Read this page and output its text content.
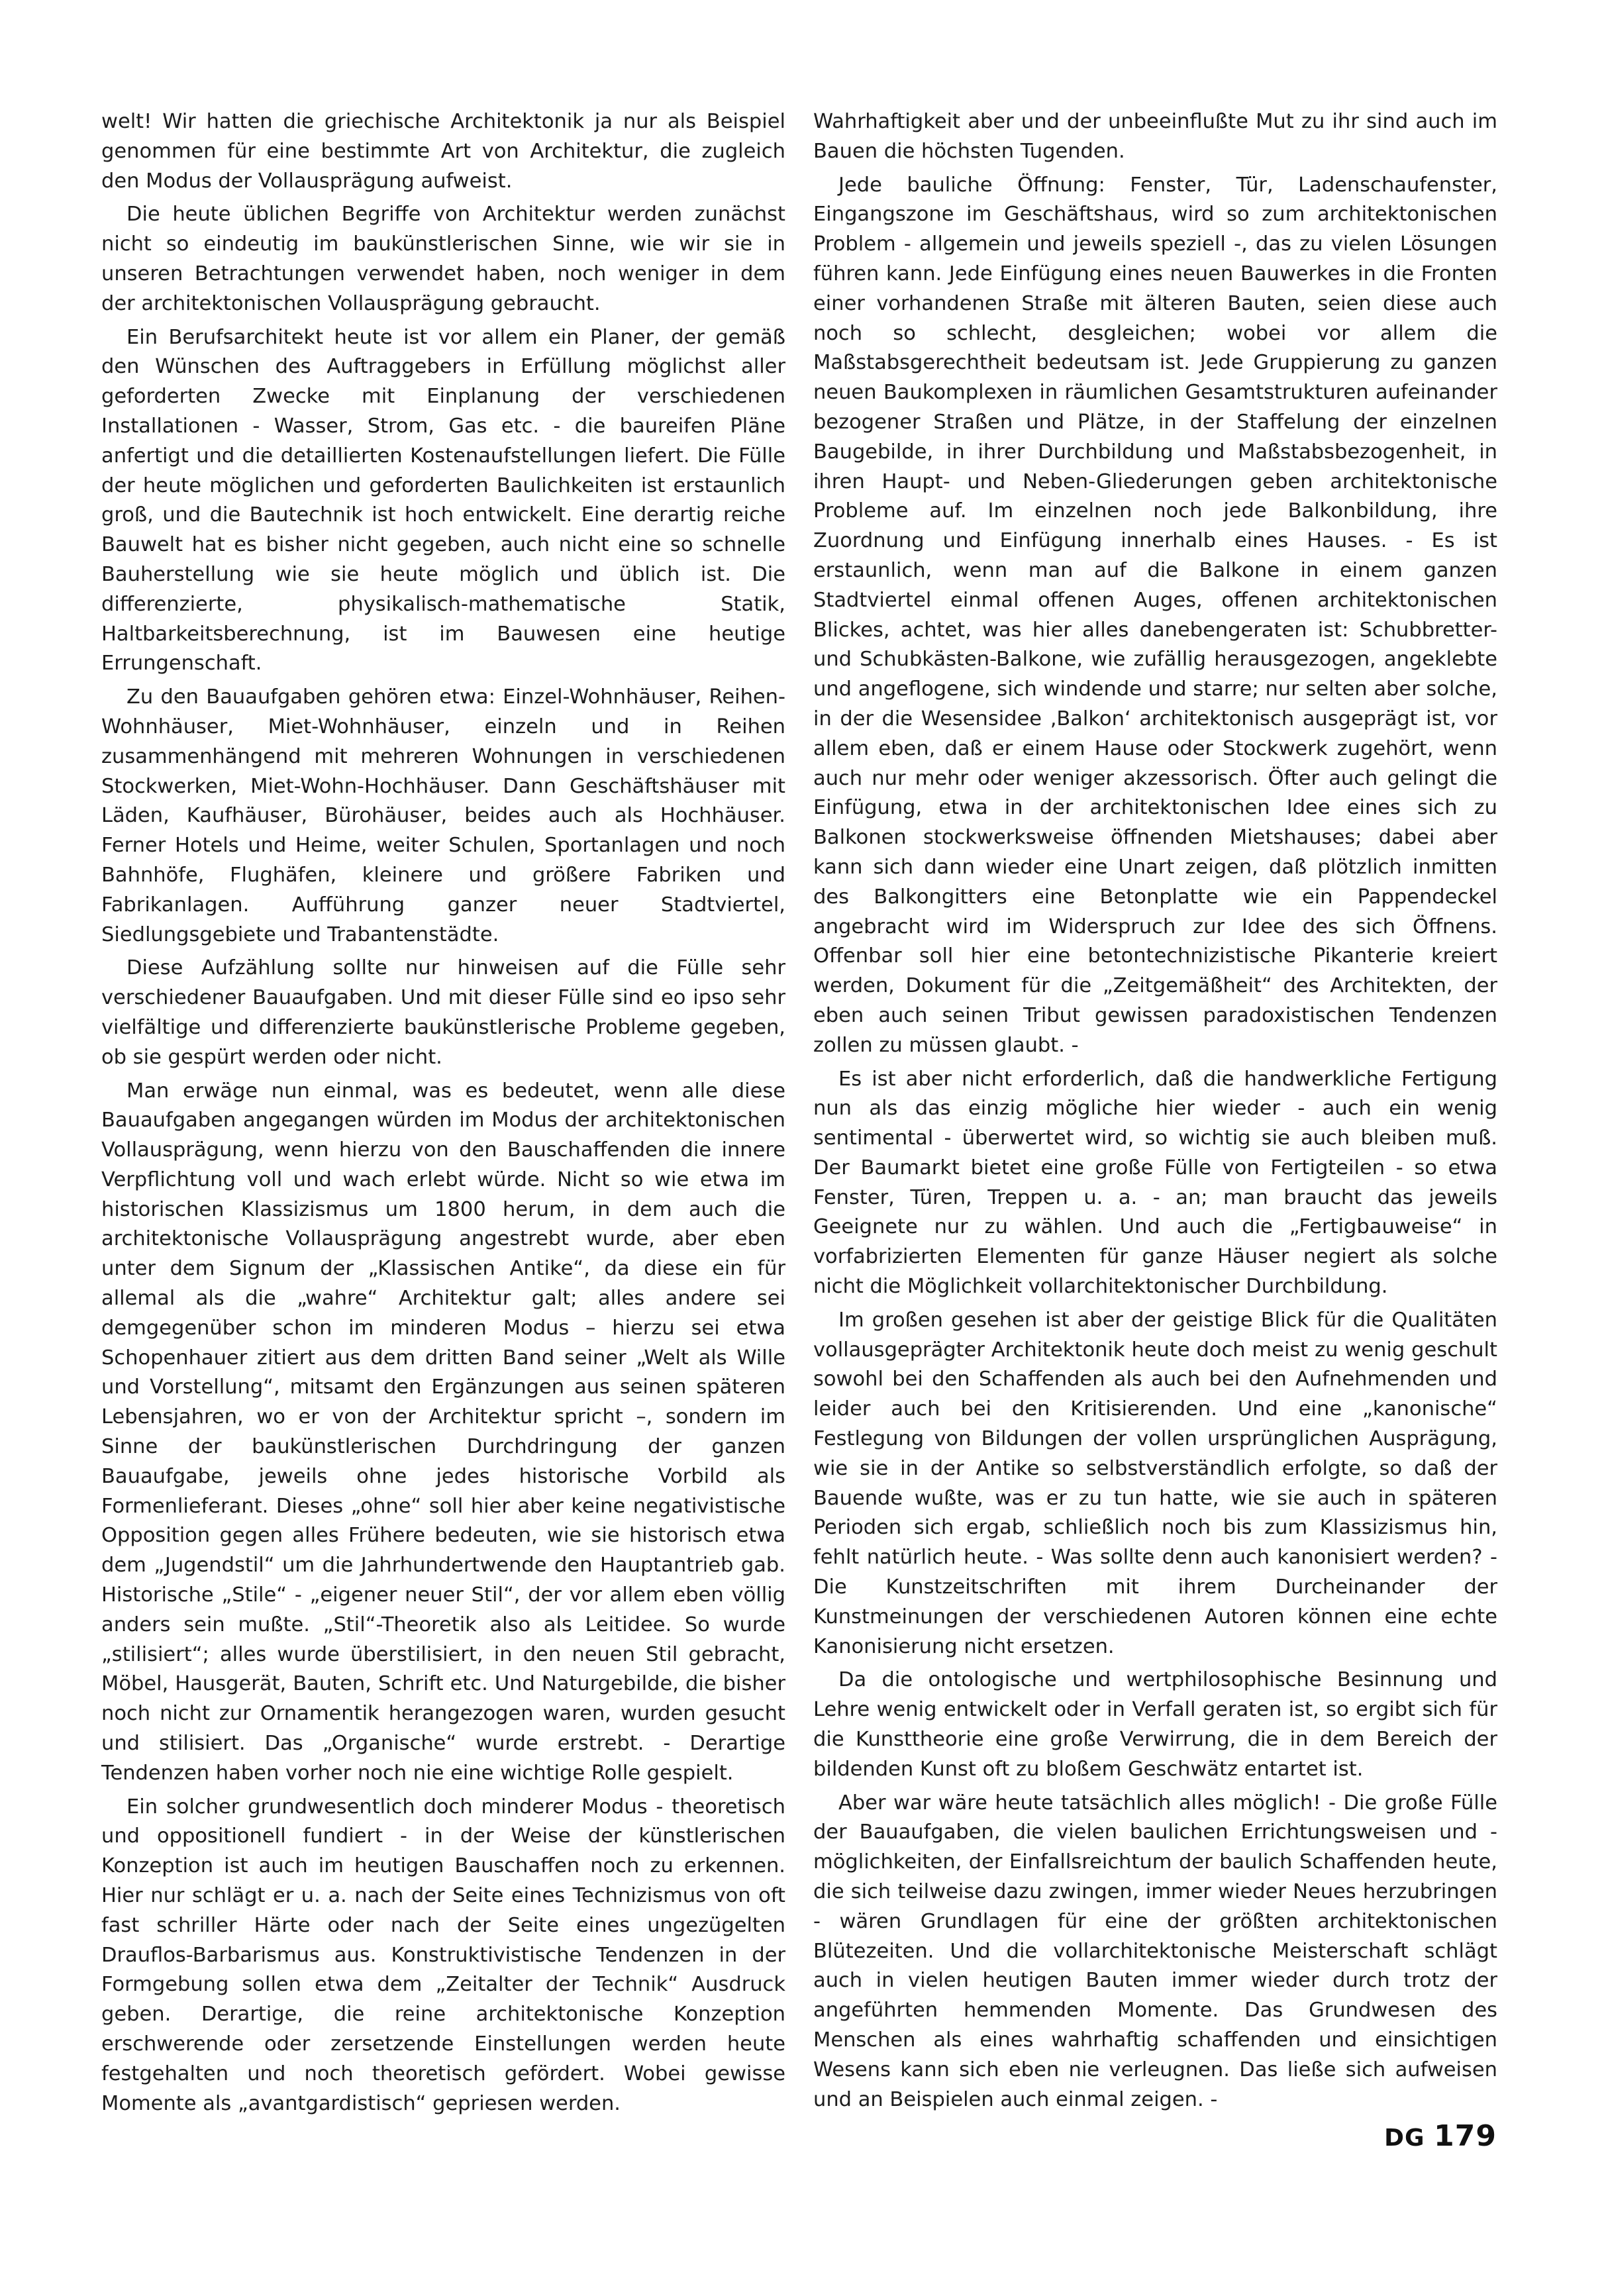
welt! Wir hatten die griechische Architektonik ja nur als Beispiel genommen für eine bestimmte Art von Architektur, die zugleich den Modus der Vollausprägung aufweist.

Die heute üblichen Begriffe von Architektur werden zunächst nicht so eindeutig im baukünstlerischen Sinne, wie wir sie in unseren Betrachtungen verwendet haben, noch weniger in dem der architektonischen Vollausprägung gebraucht.

Ein Berufsarchitekt heute ist vor allem ein Planer, der gemäß den Wünschen des Auftraggebers in Erfüllung möglichst aller geforderten Zwecke mit Einplanung der verschiedenen Installationen - Wasser, Strom, Gas etc. - die baureifen Pläne anfertigt und die detaillierten Kostenaufstellungen liefert. Die Fülle der heute möglichen und geforderten Baulichkeiten ist erstaunlich groß, und die Bautechnik ist hoch entwickelt. Eine derartig reiche Bauwelt hat es bisher nicht gegeben, auch nicht eine so schnelle Bauherstellung wie sie heute möglich und üblich ist. Die differenzierte, physikalisch-mathematische Statik, Haltbarkeitsberechnung, ist im Bauwesen eine heutige Errungenschaft.

Zu den Bauaufgaben gehören etwa: Einzel-Wohnhäuser, Reihen-Wohnhäuser, Miet-Wohnhäuser, einzeln und in Reihen zusammenhängend mit mehreren Wohnungen in verschiedenen Stockwerken, Miet-Wohn-Hochhäuser. Dann Geschäftshäuser mit Läden, Kaufhäuser, Bürohäuser, beides auch als Hochhäuser. Ferner Hotels und Heime, weiter Schulen, Sportanlagen und noch Bahnhöfe, Flughäfen, kleinere und größere Fabriken und Fabrikanlagen. Aufführung ganzer neuer Stadtviertel, Siedlungsgebiete und Trabantenstädte.

Diese Aufzählung sollte nur hinweisen auf die Fülle sehr verschiedener Bauaufgaben. Und mit dieser Fülle sind eo ipso sehr vielfältige und differenzierte baukünstlerische Probleme gegeben, ob sie gespürt werden oder nicht.

Man erwäge nun einmal, was es bedeutet, wenn alle diese Bauaufgaben angegangen würden im Modus der architektonischen Vollausprägung, wenn hierzu von den Bauschaffenden die innere Verpflichtung voll und wach erlebt würde. Nicht so wie etwa im historischen Klassizismus um 1800 herum, in dem auch die architektonische Vollausprägung angestrebt wurde, aber eben unter dem Signum der „Klassischen Antike“, da diese ein für allemal als die „wahre“ Architektur galt; alles andere sei demgegenüber schon im minderen Modus – hierzu sei etwa Schopenhauer zitiert aus dem dritten Band seiner „Welt als Wille und Vorstellung“, mitsamt den Ergänzungen aus seinen späteren Lebensjahren, wo er von der Architektur spricht –, sondern im Sinne der baukünstlerischen Durchdringung der ganzen Bauaufgabe, jeweils ohne jedes historische Vorbild als Formenlieferant. Dieses „ohne“ soll hier aber keine negativistische Opposition gegen alles Frühere bedeuten, wie sie historisch etwa dem „Jugendstil“ um die Jahrhundertwende den Hauptantrieb gab. Historische „Stile“ - „eigener neuer Stil“, der vor allem eben völlig anders sein mußte. „Stil“-Theoretik also als Leitidee. So wurde „stilisiert“; alles wurde überstilisiert, in den neuen Stil gebracht, Möbel, Hausgerät, Bauten, Schrift etc. Und Naturgebilde, die bisher noch nicht zur Ornamentik herangezogen waren, wurden gesucht und stilisiert. Das „Organische“ wurde erstrebt. - Derartige Tendenzen haben vorher noch nie eine wichtige Rolle gespielt.

Ein solcher grundwesentlich doch minderer Modus - theoretisch und oppositionell fundiert - in der Weise der künstlerischen Konzeption ist auch im heutigen Bauschaffen noch zu erkennen. Hier nur schlägt er u. a. nach der Seite eines Technizismus von oft fast schriller Härte oder nach der Seite eines ungezügelten Drauflos-Barbarismus aus. Konstruktivistische Tendenzen in der Formgebung sollen etwa dem „Zeitalter der Technik“ Ausdruck geben. Derartige, die reine architektonische Konzeption erschwerende oder zersetzende Einstellungen werden heute festgehalten und noch theoretisch gefördert. Wobei gewisse Momente als „avantgardistisch“ gepriesen werden.

Wahrhaftigkeit aber und der unbeeinflußte Mut zu ihr sind auch im Bauen die höchsten Tugenden.

Jede bauliche Öffnung: Fenster, Tür, Ladenschaufenster, Eingangszone im Geschäftshaus, wird so zum architektonischen Problem - allgemein und jeweils speziell -, das zu vielen Lösungen führen kann. Jede Einfügung eines neuen Bauwerkes in die Fronten einer vorhandenen Straße mit älteren Bauten, seien diese auch noch so schlecht, desgleichen; wobei vor allem die Maßstabsgerechtheit bedeutsam ist. Jede Gruppierung zu ganzen neuen Baukomplexen in räumlichen Gesamtstrukturen aufeinander bezogener Straßen und Plätze, in der Staffelung der einzelnen Baugebilde, in ihrer Durchbildung und Maßstabsbezogenheit, in ihren Haupt- und Neben-Gliederungen geben architektonische Probleme auf. Im einzelnen noch jede Balkonbildung, ihre Zuordnung und Einfügung innerhalb eines Hauses. - Es ist erstaunlich, wenn man auf die Balkone in einem ganzen Stadtviertel einmal offenen Auges, offenen architektonischen Blickes, achtet, was hier alles danebengeraten ist: Schubbretter- und Schubkästen-Balkone, wie zufällig herausgezogen, angeklebte und angeflogene, sich windende und starre; nur selten aber solche, in der die Wesensidee ‚Balkon‘ architektonisch ausgeprägt ist, vor allem eben, daß er einem Hause oder Stockwerk zugehört, wenn auch nur mehr oder weniger akzessorisch. Öfter auch gelingt die Einfügung, etwa in der architektonischen Idee eines sich zu Balkonen stockwerksweise öffnenden Mietshauses; dabei aber kann sich dann wieder eine Unart zeigen, daß plötzlich inmitten des Balkongitters eine Betonplatte wie ein Pappendeckel angebracht wird im Widerspruch zur Idee des sich Öffnens. Offenbar soll hier eine betontechnizistische Pikanterie kreiert werden, Dokument für die „Zeitgemäßheit“ des Architekten, der eben auch seinen Tribut gewissen paradoxistischen Tendenzen zollen zu müssen glaubt. -

Es ist aber nicht erforderlich, daß die handwerkliche Fertigung nun als das einzig mögliche hier wieder - auch ein wenig sentimental - überwertet wird, so wichtig sie auch bleiben muß. Der Baumarkt bietet eine große Fülle von Fertigteilen - so etwa Fenster, Türen, Treppen u. a. - an; man braucht das jeweils Geeignete nur zu wählen. Und auch die „Fertigbauweise“ in vorfabrizierten Elementen für ganze Häuser negiert als solche nicht die Möglichkeit vollarchitektonischer Durchbildung.

Im großen gesehen ist aber der geistige Blick für die Qualitäten vollausgeprägter Architektonik heute doch meist zu wenig geschult sowohl bei den Schaffenden als auch bei den Aufnehmenden und leider auch bei den Kritisierenden. Und eine „kanonische“ Festlegung von Bildungen der vollen ursprünglichen Ausprägung, wie sie in der Antike so selbstverständlich erfolgte, so daß der Bauende wußte, was er zu tun hatte, wie sie auch in späteren Perioden sich ergab, schließlich noch bis zum Klassizismus hin, fehlt natürlich heute. - Was sollte denn auch kanonisiert werden? - Die Kunstzeitschriften mit ihrem Durcheinander der Kunstmeinungen der verschiedenen Autoren können eine echte Kanonisierung nicht ersetzen.

Da die ontologische und wertphilosophische Besinnung und Lehre wenig entwickelt oder in Verfall geraten ist, so ergibt sich für die Kunsttheorie eine große Verwirrung, die in dem Bereich der bildenden Kunst oft zu bloßem Geschwätz entartet ist.

Aber war wäre heute tatsächlich alles möglich! - Die große Fülle der Bauaufgaben, die vielen baulichen Errichtungsweisen und -möglichkeiten, der Einfallsreichtum der baulich Schaffenden heute, die sich teilweise dazu zwingen, immer wieder Neues herzubringen - wären Grundlagen für eine der größten architektonischen Blütezeiten. Und die vollarchitektonische Meisterschaft schlägt auch in vielen heutigen Bauten immer wieder durch trotz der angeführten hemmenden Momente. Das Grundwesen des Menschen als eines wahrhaftig schaffenden und einsichtigen Wesens kann sich eben nie verleugnen. Das ließe sich aufweisen und an Beispielen auch einmal zeigen. -

DG 179
